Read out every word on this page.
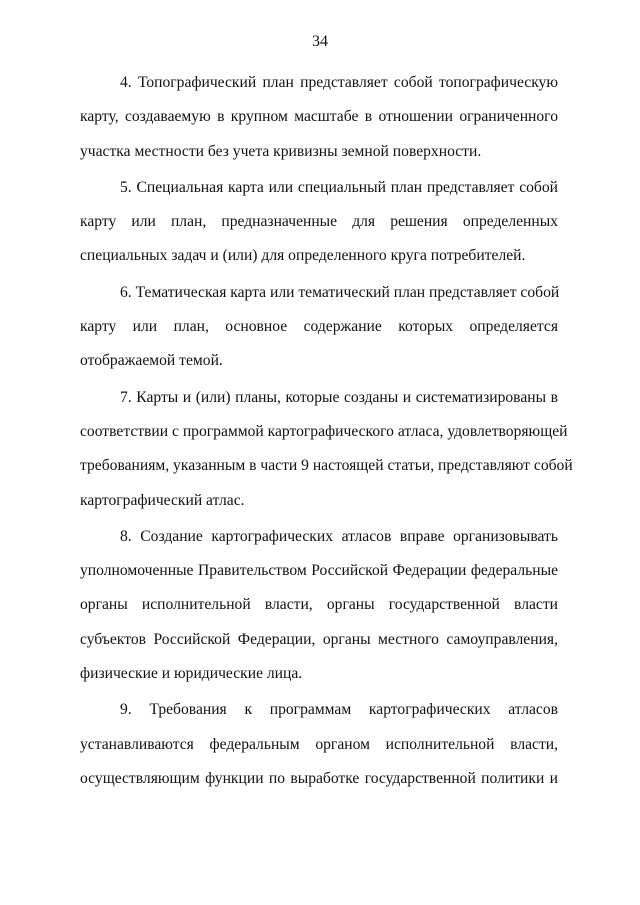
34
4. Топографический план представляет собой топографическую
карту, создаваемую в крупном масштабе в отношении ограниченного
участка местности без учета кривизны земной поверхности.
5. Специальная карта или специальный план представляет собой
карту или план, предназначенные для решения определенных
специальных задач и (или) для определенного круга потребителей.
6. Тематическая карта или тематический план представляет собой
карту или план, основное содержание которых определяется
отображаемой темой.
7. Карты и (или) планы, которые созданы и систематизированы в
соответствии с программой картографического атласа, удовлетворяющей
требованиям, указанным в части 9 настоящей статьи, представляют собой
картографический атлас.
8. Создание картографических атласов вправе организовывать
уполномоченные Правительством Российской Федерации федеральные
органы исполнительной власти, органы государственной власти
субъектов Российской Федерации, органы местного самоуправления,
физические и юридические лица.
9. Требования к программам картографических атласов
устанавливаются федеральным органом исполнительной власти,
осуществляющим функции по выработке государственной политики и
